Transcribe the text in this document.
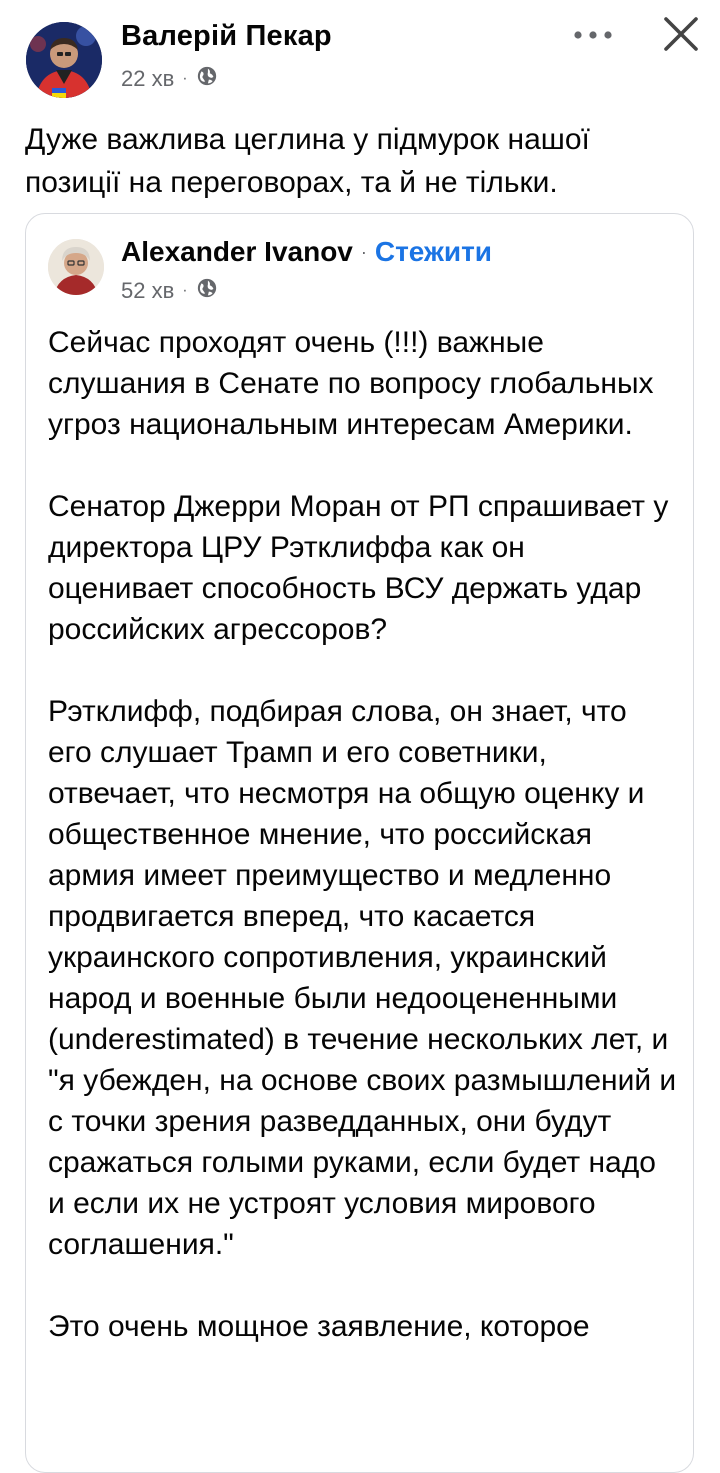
Валерій Пекар
22 хв ·
Дуже важлива цеглина у підмурок нашої позиції на переговорах, та й не тільки.
Alexander Ivanov · Стежити
52 хв ·

Сейчас проходят очень (!!!) важные слушания в Сенате по вопросу глобальных угроз национальным интересам Америки.

Сенатор Джерри Моран от РП спрашивает у директора ЦРУ Рэтклиффа как он оценивает способность ВСУ держать удар российских агрессоров?

Рэтклифф, подбирая слова, он знает, что его слушает Трамп и его советники, отвечает, что несмотря на общую оценку и общественное мнение, что российская армия имеет преимущество и медленно продвигается вперед, что касается украинского сопротивления, украинский народ и военные были недооцененными (underestimated) в течение нескольких лет, и "я убежден, на основе своих размышлений и с точки зрения разведданных, они будут сражаться голыми руками, если будет надо и если их не устроят условия мирового соглашения."

Это очень мощное заявление, которое
